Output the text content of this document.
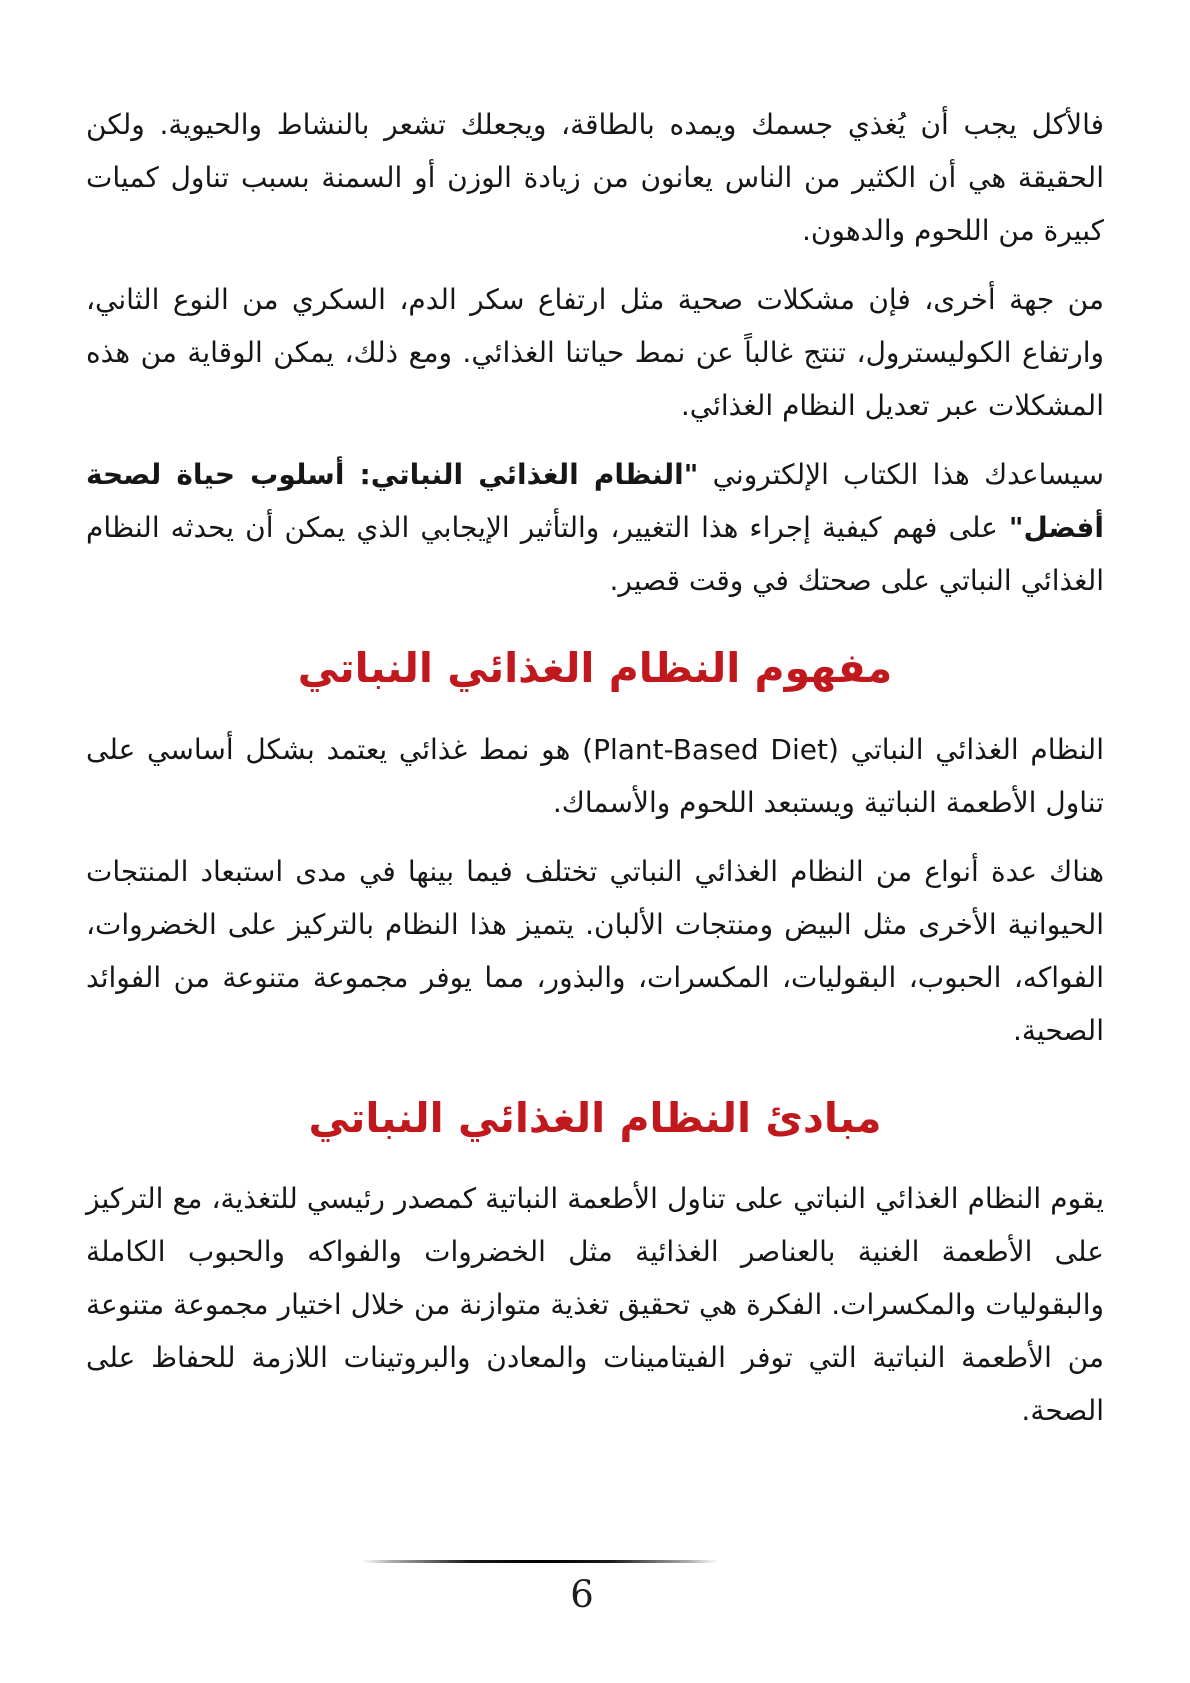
فالأكل يجب أن يُغذي جسمك ويمده بالطاقة، ويجعلك تشعر بالنشاط والحيوية. ولكن الحقيقة هي أن الكثير من الناس يعانون من زيادة الوزن أو السمنة بسبب تناول كميات كبيرة من اللحوم والدهون.

من جهة أخرى، فإن مشكلات صحية مثل ارتفاع سكر الدم، السكري من النوع الثاني، وارتفاع الكوليسترول، تنتج غالباً عن نمط حياتنا الغذائي. ومع ذلك، يمكن الوقاية من هذه المشكلات عبر تعديل النظام الغذائي.

سيساعدك هذا الكتاب الإلكتروني "النظام الغذائي النباتي: أسلوب حياة لصحة أفضل" على فهم كيفية إجراء هذا التغيير، والتأثير الإيجابي الذي يمكن أن يحدثه النظام الغذائي النباتي على صحتك في وقت قصير.

مفهوم النظام الغذائي النباتي

النظام الغذائي النباتي (Plant-Based Diet) هو نمط غذائي يعتمد بشكل أساسي على تناول الأطعمة النباتية ويستبعد اللحوم والأسماك.

هناك عدة أنواع من النظام الغذائي النباتي تختلف فيما بينها في مدى استبعاد المنتجات الحيوانية الأخرى مثل البيض ومنتجات الألبان. يتميز هذا النظام بالتركيز على الخضروات، الفواكه، الحبوب، البقوليات، المكسرات، والبذور، مما يوفر مجموعة متنوعة من الفوائد الصحية.

مبادئ النظام الغذائي النباتي

يقوم النظام الغذائي النباتي على تناول الأطعمة النباتية كمصدر رئيسي للتغذية، مع التركيز على الأطعمة الغنية بالعناصر الغذائية مثل الخضروات والفواكه والحبوب الكاملة والبقوليات والمكسرات. الفكرة هي تحقيق تغذية متوازنة من خلال اختيار مجموعة متنوعة من الأطعمة النباتية التي توفر الفيتامينات والمعادن والبروتينات اللازمة للحفاظ على الصحة.

6
